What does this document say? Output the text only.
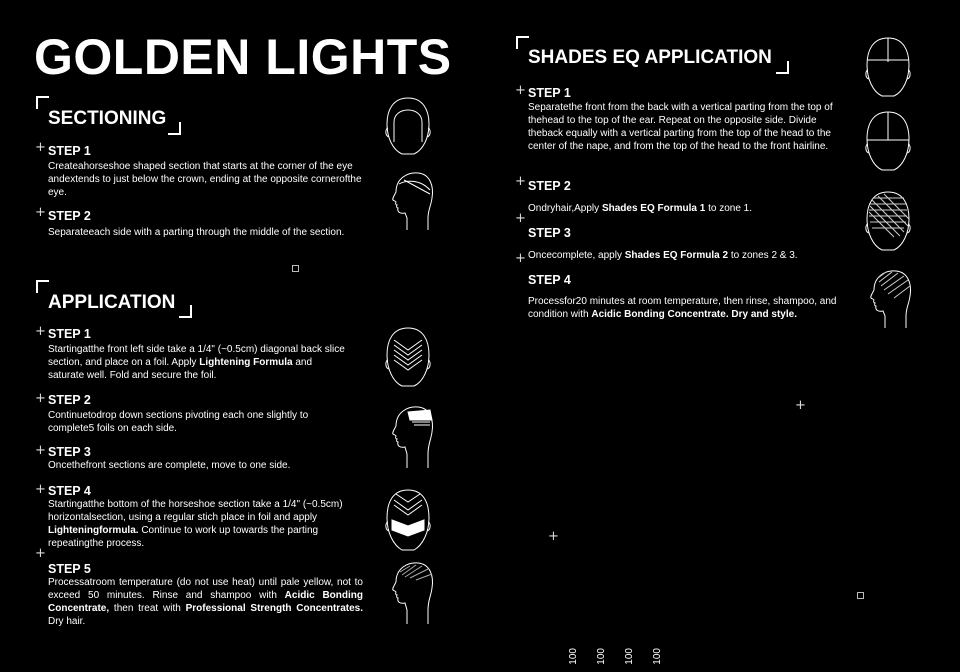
GOLDEN LIGHTS
SECTIONING
+ STEP 1
Createahorseshoe shaped section that starts at the corner of the eye andextends to just below the crown, ending at the opposite cornerofthe eye.
+ STEP 2
Separateeach side with a parting through the middle of the section.
APPLICATION
+ STEP 1
Startingatthe front left side take a 1/4" (~0.5cm) diagonal back slice section, and place on a foil. Apply Lightening Formula and saturate well. Fold and secure the foil.
+ STEP 2
Continuetodrop down sections pivoting each one slightly to complete5 foils on each side.
+ STEP 3
Oncethefront sections are complete, move to one side.
+ STEP 4
Startingatthe bottom of the horseshoe section take a 1/4" (~0.5cm) horizontalsection, using a regular stich place in foil and apply Lighteningformula. Continue to work up towards the parting repeatingthe process.
+
STEP 5
Processatroom temperature (do not use heat) until pale yellow, not to exceed 50 minutes. Rinse and shampoo with Acidic Bonding Concentrate, then treat with Professional Strength Concentrates. Dry hair.
SHADES EQ APPLICATION
+ STEP 1
Separatethe front from the back with a vertical parting from the top of thehead to the top of the ear. Repeat on the opposite side. Divide theback equally with a vertical parting from the top of the head to the center of the nape, and from the top of the head to the front hairline.
+ STEP 2
Ondryhair,Apply Shades EQ Formula 1 to zone 1.
+
STEP 3
Oncecomplete, apply Shades EQ Formula 2 to zones 2 & 3.
+
STEP 4
Processfor20 minutes at room temperature, then rinse, shampoo, and condition with Acidic Bonding Concentrate. Dry and style.
+
+
100 100 100 100
